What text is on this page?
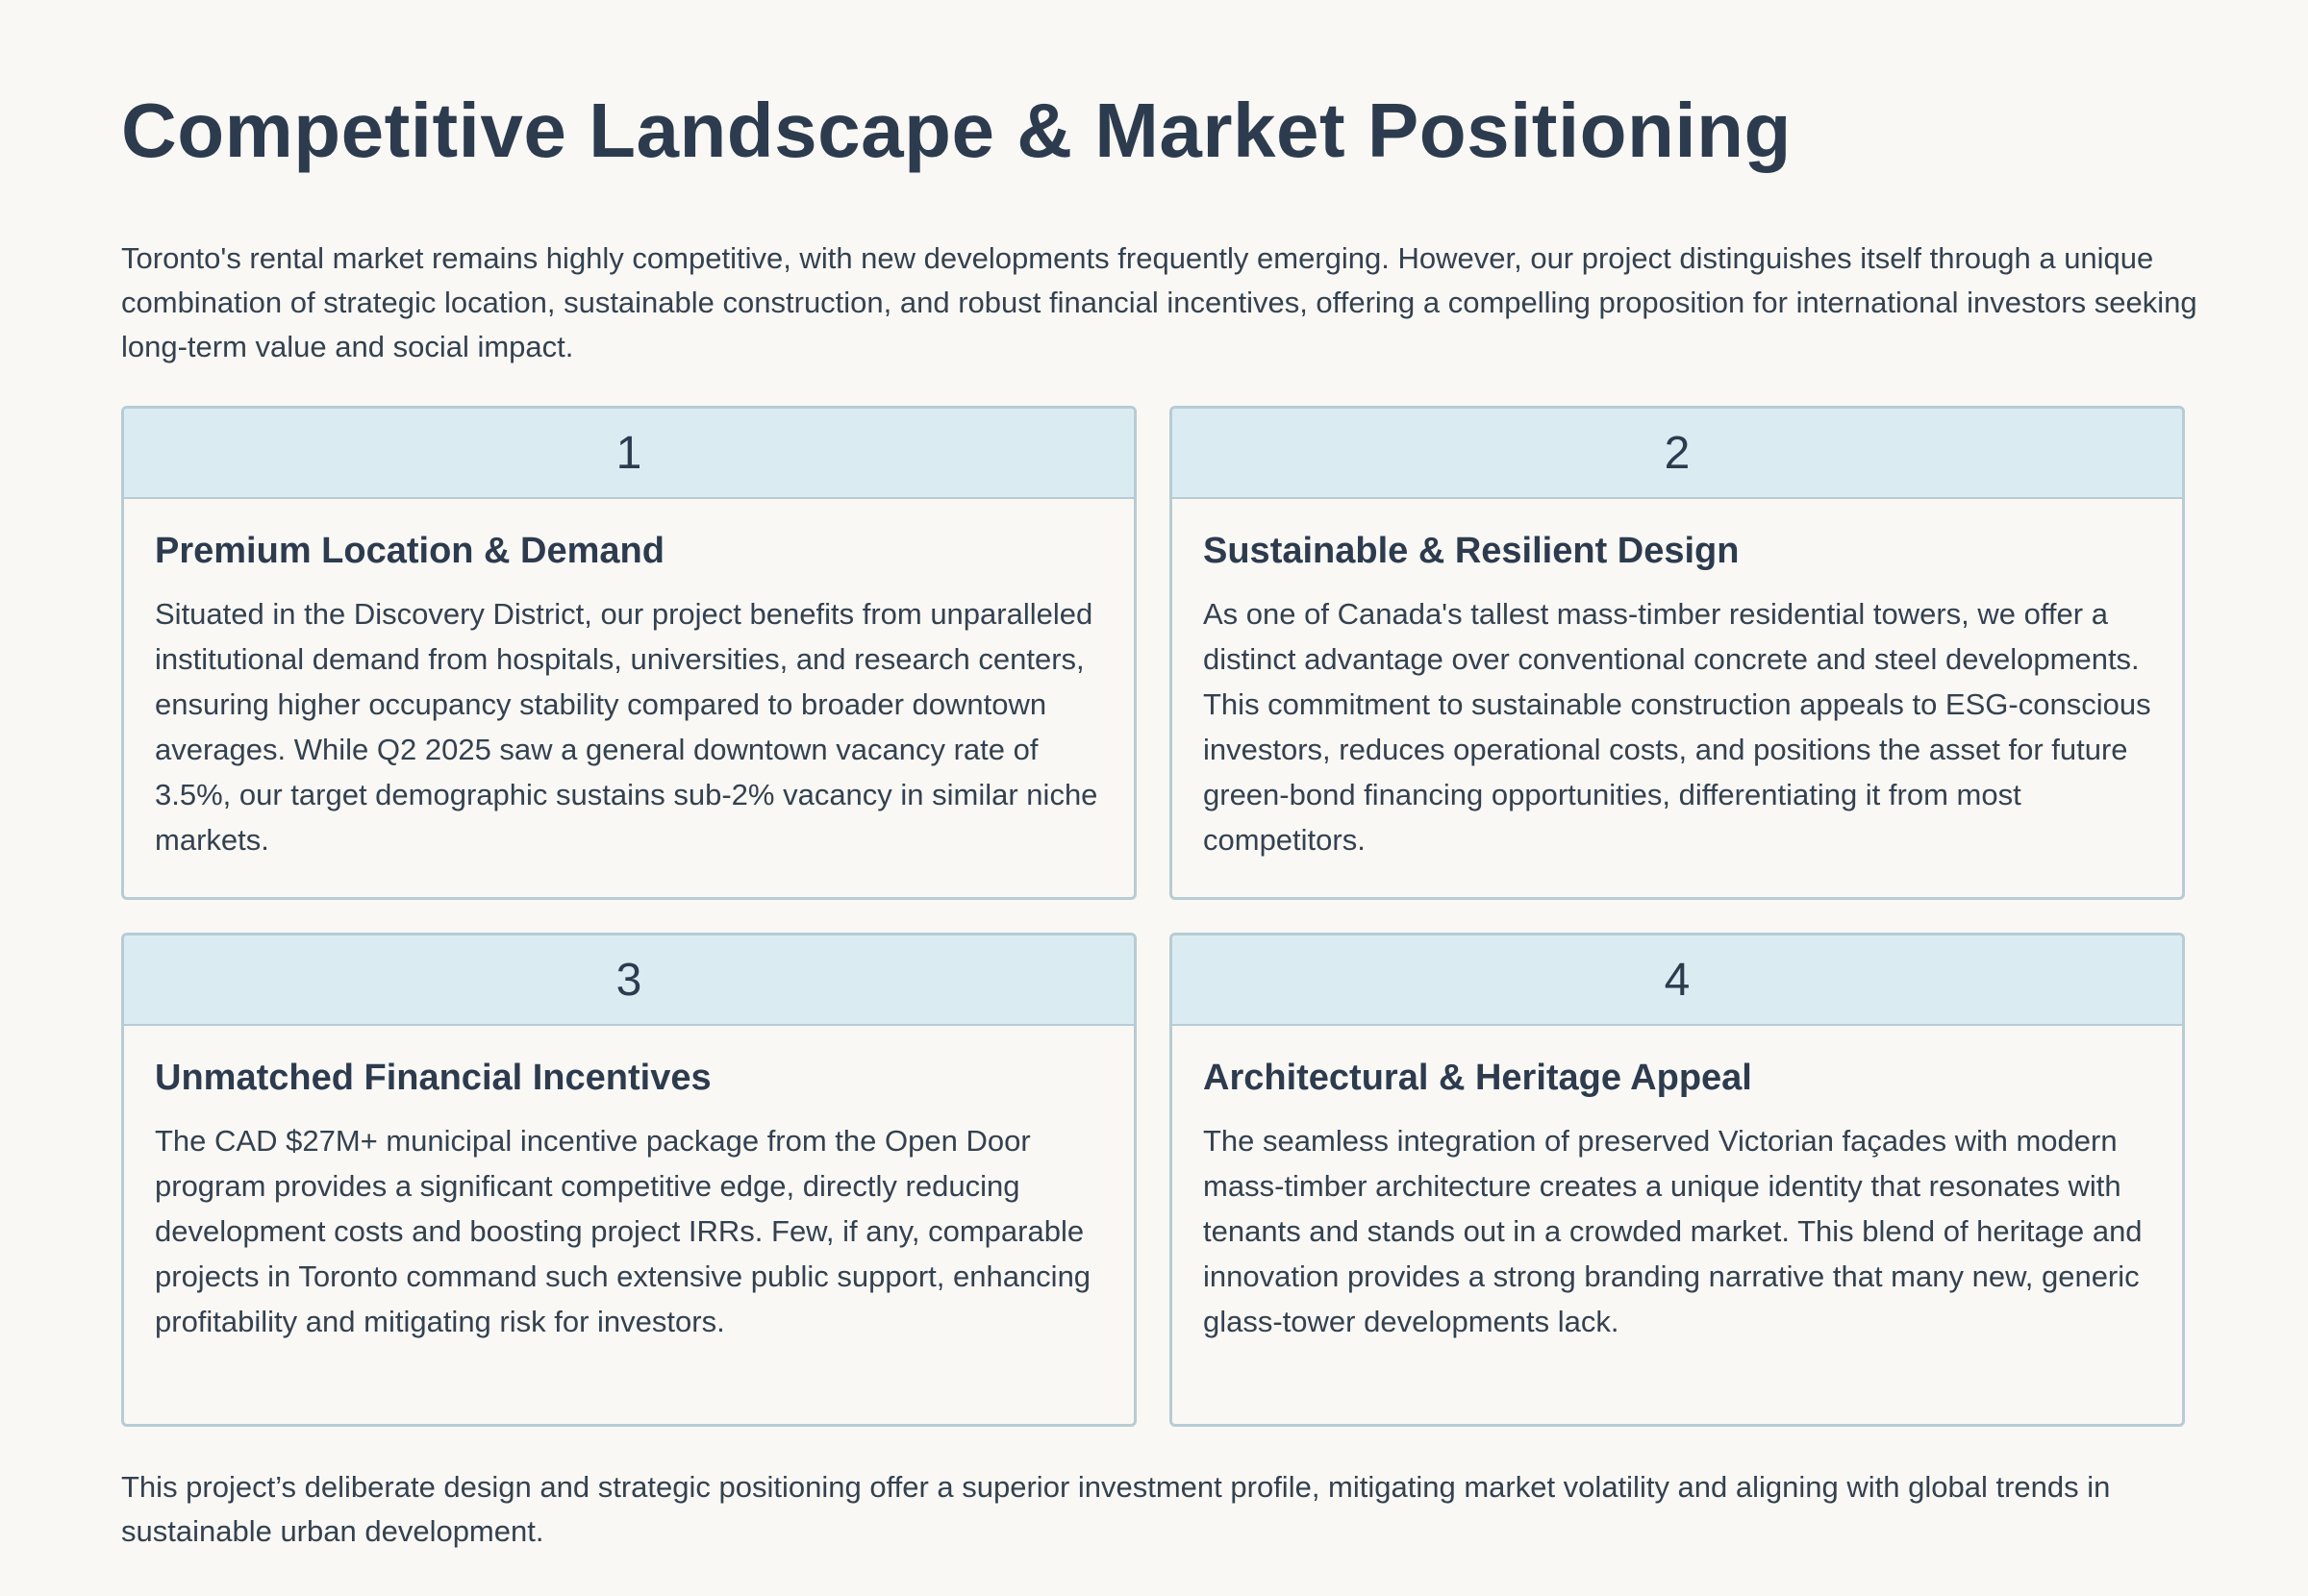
Competitive Landscape & Market Positioning

Toronto's rental market remains highly competitive, with new developments frequently emerging. However, our project distinguishes itself through a unique combination of strategic location, sustainable construction, and robust financial incentives, offering a compelling proposition for international investors seeking long-term value and social impact.

1
Premium Location & Demand

Situated in the Discovery District, our project benefits from unparalleled institutional demand from hospitals, universities, and research centers, ensuring higher occupancy stability compared to broader downtown averages. While Q2 2025 saw a general downtown vacancy rate of 3.5%, our target demographic sustains sub-2% vacancy in similar niche markets.

2
Sustainable & Resilient Design

As one of Canada's tallest mass-timber residential towers, we offer a distinct advantage over conventional concrete and steel developments. This commitment to sustainable construction appeals to ESG-conscious investors, reduces operational costs, and positions the asset for future green-bond financing opportunities, differentiating it from most competitors.

3
Unmatched Financial Incentives

The CAD $27M+ municipal incentive package from the Open Door program provides a significant competitive edge, directly reducing development costs and boosting project IRRs. Few, if any, comparable projects in Toronto command such extensive public support, enhancing profitability and mitigating risk for investors.

4
Architectural & Heritage Appeal

The seamless integration of preserved Victorian façades with modern mass-timber architecture creates a unique identity that resonates with tenants and stands out in a crowded market. This blend of heritage and innovation provides a strong branding narrative that many new, generic glass-tower developments lack.

This project’s deliberate design and strategic positioning offer a superior investment profile, mitigating market volatility and aligning with global trends in sustainable urban development.
